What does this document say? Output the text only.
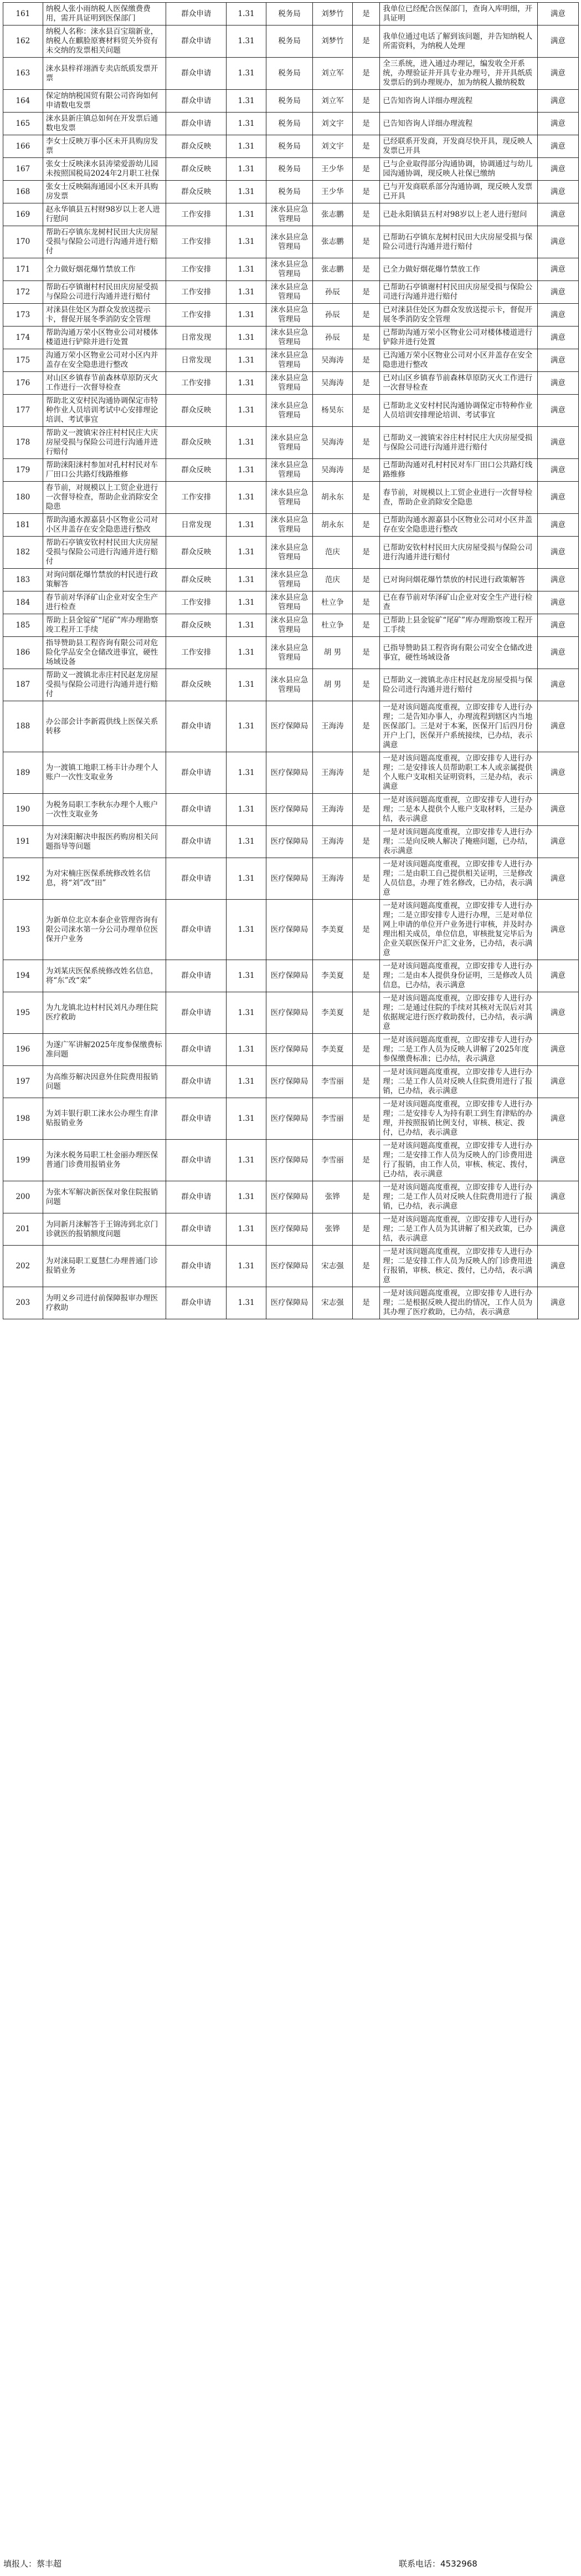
161	纳税人张小雨纳税人医保缴费费用，需开具证明到医保部门	群众申请	1.31	税务局	刘梦竹	是	我单位已经配合医保部门，查询入库明细，开具证明	满意
162	纳税人名称：涞水县百宝瑞新业，纳税人在麒脸原赛材料贸关外资有未交纳的发票相关问题	群众申请	1.31	税务局	刘梦竹	是	我单位通过电话了解到该问题，并告知纳税人所需资料，为纳税人处理	满意
163	涞水县梓祥翊酒专卖店纸质发票开票	群众申请	1.31	税务局	刘立军	是	全三系统，进入通过办理记，编发收全开系统，办理验证并开具专业办理号，并开具纸质发票后的到办理规办，加为纳税人撤纳税数	满意
164	保定纳纳税国贸有限公司咨询如何申请数电发票	群众申请	1.31	税务局	刘立军	是	已告知咨询人详细办理流程	满意
165	涞水县新庄镇总如何在开发票后通数电发票	群众申请	1.31	税务局	刘文宇	是	已告知咨询人详细办理流程	满意
166	李女士反映万事小区未开具购房发票	群众反映	1.31	税务局	刘文宇	是	已经联系开发商，开发商尽快开具，现反映人发票已开具	满意
167	张女士反映涞水县涛梁爱游幼儿园未按照国税局2024年2月职工社保	群众反映	1.31	税务局	王少华	是	已与企业取得部分沟通协调，协调通过与幼儿园沟通协调，现反映人社保已缴纳	满意
168	张女士反映隔海通园小区未开具购房发票	群众反映	1.31	税务局	王少华	是	已与开发商联系部分沟通协调，现反映人发票已开具	满意
169	赵永华镇县五村财98岁以上老人进行慰问	工作安排	1.31	涞水县应急管理局	张志鹏	是	已赴永阳镇县五村对98岁以上老人进行慰问	满意
170	帮助石亭镇东龙树村民田大庆房屋受损与保险公司进行沟通并进行赔付	工作安排	1.31	涞水县应急管理局	张志鹏	是	已帮助石亭镇东龙树村民田大庆房屋受损与保险公司进行沟通并进行赔付	满意
171	全力做好烟花爆竹禁放工作	工作安排	1.31	涞水县应急管理局	张志鹏	是	已全力做好烟花爆竹禁放工作	满意
172	帮助石亭镇谢村村民田庆房屋受损与保险公司进行沟通并进行赔付	工作安排	1.31	涞水县应急管理局	孙辰	是	已帮助石亭镇谢村村民田庆房屋受损与保险公司进行沟通并进行赔付	满意
173	对涞县住处区为群众发放送提示卡，督促开展冬季消防安全管理	工作安排	1.31	涞水县应急管理局	孙辰	是	已对涞县住处区为群众发放送提示卡，督促开展冬季消防安全管理	满意
174	帮助沟通万荣小区物业公司对楼体楼道进行铲除并进行处置	日常发现	1.31	涞水县应急管理局	孙辰	是	已帮助沟通万荣小区物业公司对楼体楼道进行铲除并进行处置	满意
175	沟通万荣小区物业公司对小区内并盖存在安全隐患进行整改	日常发现	1.31	涞水县应急管理局	吴海涛	是	已沟通万荣小区物业公司对小区并盖存在安全隐患进行整改	满意
176	对山区乡镇春节前森林草原防灭火工作进行一次督导检查	工作安排	1.31	涞水县应急管理局	吴海涛	是	已对山区乡镇春节前森林草原防灭火工作进行一次督导检查	满意
177	帮助北义安村民沟通协调保定市特种作业人员培训考试中心安排理论培训、考试事宜	群众反映	1.31	涞水县应急管理局	杨昊东	是	已帮助北义安村村民沟通协调保定市特种作业人员培训安排理论培训、考试事宜	满意
178	帮助义一渡镇宋谷庄村村民庄大庆房屋受损与保险公司进行沟通并进行赔付	群众反映	1.31	涞水县应急管理局	吴海涛	是	已帮助义一渡镇宋谷庄村村民庄大庆房屋受损与保险公司进行沟通并进行赔付	满意
179	帮助涞阳涞村参加对孔村村民对车厂田口公共路灯线路维修	群众反映	1.31	涞水县应急管理局	吴海涛	是	已帮助沟通对孔村村民对车厂田口公共路灯线路维修	满意
180	春节前，对规模以上工贸企业进行一次督导检查，帮助企业消除安全隐患	工作安排	1.31	涞水县应急管理局	胡永东	是	春节前，对规模以上工贸企业进行一次督导检查，帮助企业消除安全隐患	满意
181	帮助沟通水源嘉县小区物业公司对小区井盖存在安全隐患进行整改	日常发现	1.31	涞水县应急管理局	胡永东	是	已帮助沟通水源嘉县小区物业公司对小区井盖存在安全隐患进行整改	满意
182	帮助石亭镇安钦村村民田大庆房屋受损与保险公司进行沟通并进行赔付	群众反映	1.31	涞水县应急管理局	范庆	是	已帮助安钦村村民田大庆房屋受损与保险公司进行沟通并进行赔付	满意
183	对询问烟花爆竹禁放的村民进行政策解答	群众反映	1.31	涞水县应急管理局	范庆	是	已对询问烟花爆竹禁放的村民进行政策解答	满意
184	春节前对华泽矿山企业对安全生产进行检查	工作安排	1.31	涞水县应急管理局	杜立争	是	已在春节前对华泽矿山企业对安全生产进行检查	满意
185	帮助上县金锭矿“尾矿”库办理勘察竣工程开工手续	群众反映	1.31	涞水县应急管理局	杜立争	是	已帮助上县金锭矿“尾矿”库办理勘察竣工程开工手续	满意
186	指导赞助县工程咨询有限公司对危险化学品安全仓储改进事宜，硬性场域设备	工作安排	1.31	涞水县应急管理局	胡 男	是	已指导赞助县工程咨询有限公司安全仓储改进事宜，硬性场域设备	满意
187	帮助义一渡镇北赤庄村民赵龙房屋受损与保险公司进行沟通并进行赔付	群众反映	1.31	涞水县应急管理局	胡 男	是	已帮助义一渡镇北赤庄村民赵龙房屋受损与保险公司进行沟通并进行赔付	满意
188	办公部会计李新霞供线上医保关系转移	群众申请	1.31	医疗保障局	王海涛	是	一是对该问题高度重视，立即安排专人进行办理；二是告知办事人，办理流程到辖区内当地医保部门。三是对于本案，医保开门后四月份开户上门，医保开户系统接续，已办结，表示满意	满意
189	为一渡镇工地职工杨丰计办理个人账户一次性支取业务	群众申请	1.31	医疗保障局	王海涛	是	一是对该问题高度重视，立即安排专人进行办理；二是安排该人员帮助职工本人或亲属提供个人账户支取相关证明资料，三是办结，表示满意	满意
190	为税务局职工李秋东办理个人账户一次性支取业务	群众申请	1.31	医疗保障局	王海涛	是	一是对该问题高度重视，立即安排专人进行办理；二是本人提供个人账户支取材料，三是办结，表示满意	满意
191	为对涞阳解决申报医药购房相关问题指导等问题	群众申请	1.31	医疗保障局	王海涛	是	一是对该问题高度重视，立即安排专人进行办理；二是向反映人解决了掩癌问题，已办结，表示满意	满意
192	为对宋楠庄医保系统修改姓名信息，将“刘”改“田”	群众申请	1.31	医疗保障局	王海涛	是	一是对该问题高度重视，立即安排专人进行办理；二是由职工自己提供相关证明，三是修改人员信息，办理了姓名修改，已办结，表示满意	满意
193	为新单位北京本泰企业管理咨询有限公司涞水第一分公司办理单位医保开户业务	群众申请	1.31	医疗保障局	李美夏	是	一是对该问题高度重视，立即安排专人进行办理；二是立即安排专人进行办理，三是对单位网上申请的单位开户业务进行审核，并及时办理出相关成员，单位信息，审核批复完毕后为企业关联医保开户汇文业务，已办结，表示满意	满意
194	为刘某庆医保系统修改姓名信息，将“东”改“栾”	群众申请	1.31	医疗保障局	李美夏	是	一是对该问题高度重视，立即安排专人进行办理；二是由本人提供身份证明，三是修改人员信息，已办结，表示满意	满意
195	为九龙镇北边村村民刘凡办理住院医疗救助	群众申请	1.31	医疗保障局	李美夏	是	一是对该问题高度重视，立即安排专人进行办理；二是通过住院的手续对其核对无误后对其依据规定进行医疗救助拨付，已办结，表示满意	满意
196	为遂广军讲解2025年度参保缴费标准问题	群众申请	1.31	医疗保障局	李美夏	是	一是对该问题高度重视，立即安排专人进行办理；二是工作人员为反映人讲解了2025年度参保缴费标准；已办结，表示满意	满意
197	为高维芬解决因意外住院费用报销问题	群众申请	1.31	医疗保障局	李雪丽	是	一是对该问题高度重视，立即安排专人进行办理；二是工作人员对反映人住院费用进行了报销，已办结，表示满意	满意
198	为刘丰银行职工涞水公办理生育津贴报销业务	群众申请	1.31	医疗保障局	李雪丽	是	一是对该问题高度重视，立即安排专人进行办理；二是安排专人为持有职工到生育津贴的办理，并按照报销比例支付，审核、核定、拨付，已办结，表示满意	满意
199	为涞水税务局职工杜金丽办理医保普通门诊费用报销业务	群众申请	1.31	医疗保障局	李雪丽	是	一是对该问题高度重视，立即安排专人进行办理；二是安排工作人员为反映人的门诊费用进行了报销，由工作人员，审核、核定、拨付，已办结，表示满意	满意
200	为张木军解决新医保对象住院报销问题	群众申请	1.31	医疗保障局	张铧	是	一是对该问题高度重视，立即安排专人进行办理；二是工作人员对反映人住院费用进行了报销，已办结，表示满意	满意
201	为同新月涞解答于王锦涛到北京门诊就医的报销额度问题	群众申请	1.31	医疗保障局	张铧	是	一是对该问题高度重视，立即安排专人进行办理；二是工作人员为其讲解了相关政策，已办结，表示满意	满意
202	为对涞局职工夏慧仁办理普通门诊报销业务	群众申请	1.31	医疗保障局	宋志强	是	一是对该问题高度重视，立即安排专人进行办理；二是安排工作人员为反映人的门诊费用进行报销，审核、核定、拨付，已办结，表示满意	满意
203	为明义乡司进付前保障报审办理医疗救助	群众申请	1.31	医疗保障局	宋志强	是	一是对该问题高度重视，立即安排专人进行办理；二是根据反映人提出的情况，工作人员为其办理了医疗救助，已办结，表示满意	满意
填报人：蔡丰超	联系电话：4532968
